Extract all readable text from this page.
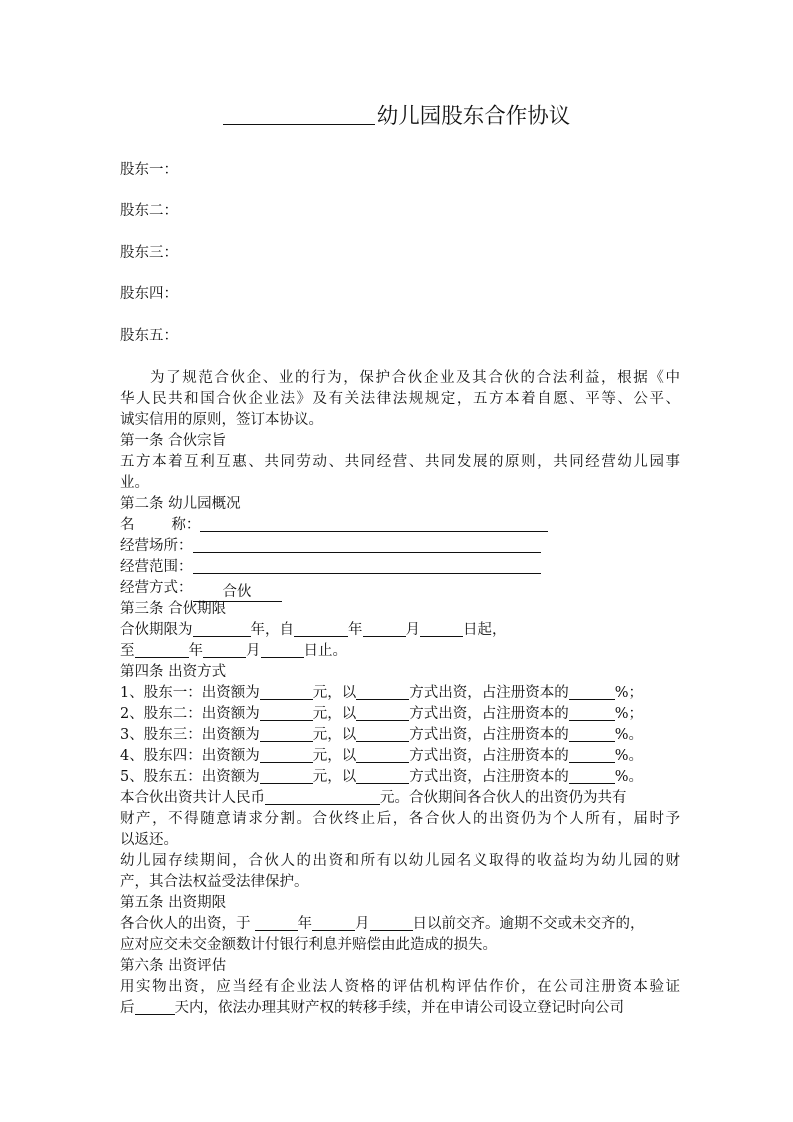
幼儿园股东合作协议
股东一：
股东二：
股东三：
股东四：
股东五：
为了规范合伙企、业的行为，保护合伙企业及其合伙的合法利益，根据《中
华人民共和国合伙企业法》及有关法律法规规定，五方本着自愿、平等、公平、
诚实信用的原则，签订本协议。
第一条 合伙宗旨
五方本着互利互惠、共同劳动、共同经营、共同发展的原则，共同经营幼儿园事
业。
第二条 幼儿园概况
名        称：
经营场所：
经营范围：
经营方式： 合伙
第三条 合伙期限
合伙期限为	年，自	年	月	日起，
至	年	月	日止。
第四条 出资方式
1、股东一：出资额为	元，以	方式出资，占注册资本的	%；
2、股东二：出资额为	元，以	方式出资，占注册资本的	%；
3、股东三：出资额为	元，以	方式出资，占注册资本的	%。
4、股东四：出资额为	元，以	方式出资，占注册资本的	%。
5、股东五：出资额为	元，以	方式出资，占注册资本的	%。
本合伙出资共计人民币	元。合伙期间各合伙人的出资仍为共有
财产，不得随意请求分割。合伙终止后，各合伙人的出资仍为个人所有，届时予
以返还。
幼儿园存续期间，合伙人的出资和所有以幼儿园名义取得的收益均为幼儿园的财
产，其合法权益受法律保护。
第五条 出资期限
各合伙人的出资，于	年	月	日以前交齐。逾期不交或未交齐的，
应对应交未交金额数计付银行利息并赔偿由此造成的损失。
第六条 出资评估
用实物出资，应当经有企业法人资格的评估机构评估作价，在公司注册资本验证
后	天内，依法办理其财产权的转移手续，并在申请公司设立登记时向公司
